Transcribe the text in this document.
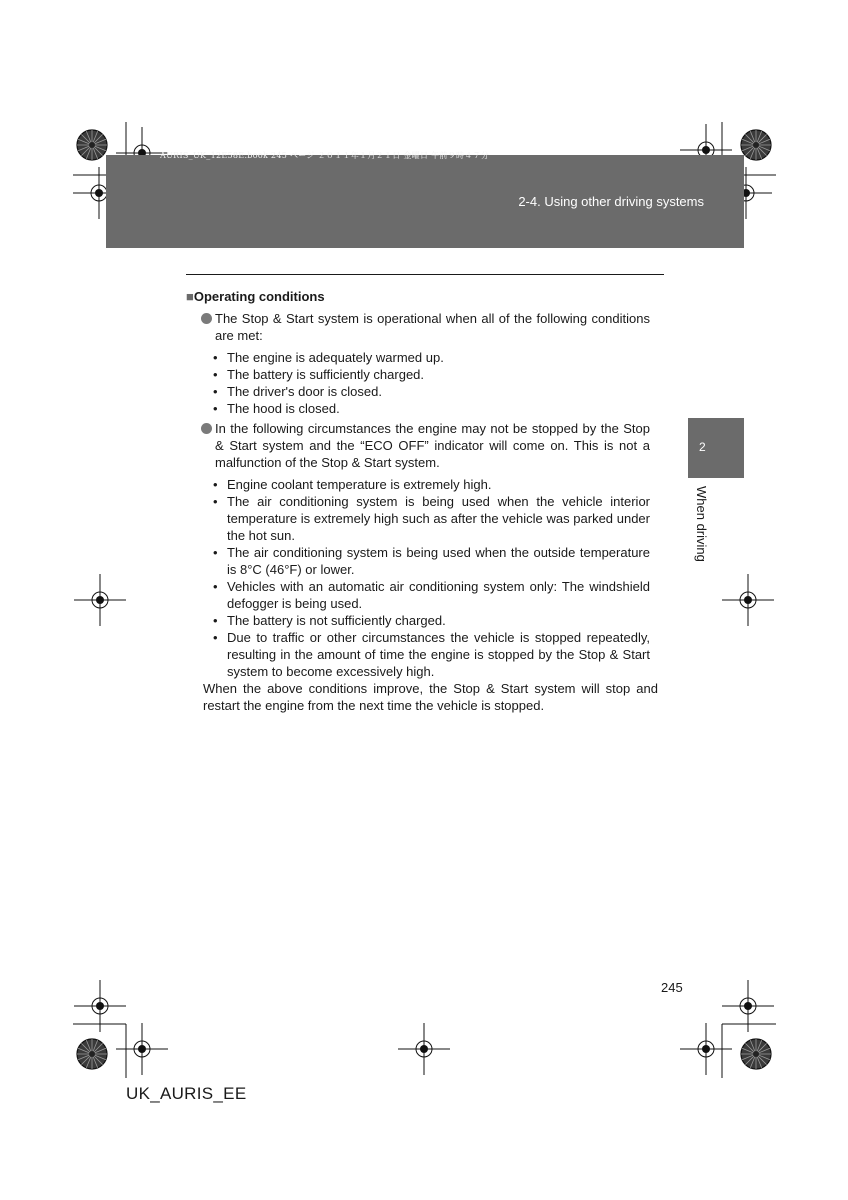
AURIS_UK_12E58E.book 245 ページ ２０１１年１月２１日 金曜日 午前９時４７分
2-4. Using other driving systems
2
When driving
■Operating conditions
The Stop & Start system is operational when all of the following conditions are met:
• The engine is adequately warmed up.
• The battery is sufficiently charged.
• The driver's door is closed.
• The hood is closed.
In the following circumstances the engine may not be stopped by the Stop & Start system and the “ECO OFF” indicator will come on. This is not a malfunction of the Stop & Start system.
• Engine coolant temperature is extremely high.
• The air conditioning system is being used when the vehicle interior temperature is extremely high such as after the vehicle was parked under the hot sun.
• The air conditioning system is being used when the outside temperature is 8°C (46°F) or lower.
• Vehicles with an automatic air conditioning system only: The windshield defogger is being used.
• The battery is not sufficiently charged.
• Due to traffic or other circumstances the vehicle is stopped repeatedly, resulting in the amount of time the engine is stopped by the Stop & Start system to become excessively high.
When the above conditions improve, the Stop & Start system will stop and restart the engine from the next time the vehicle is stopped.
245
UK_AURIS_EE
